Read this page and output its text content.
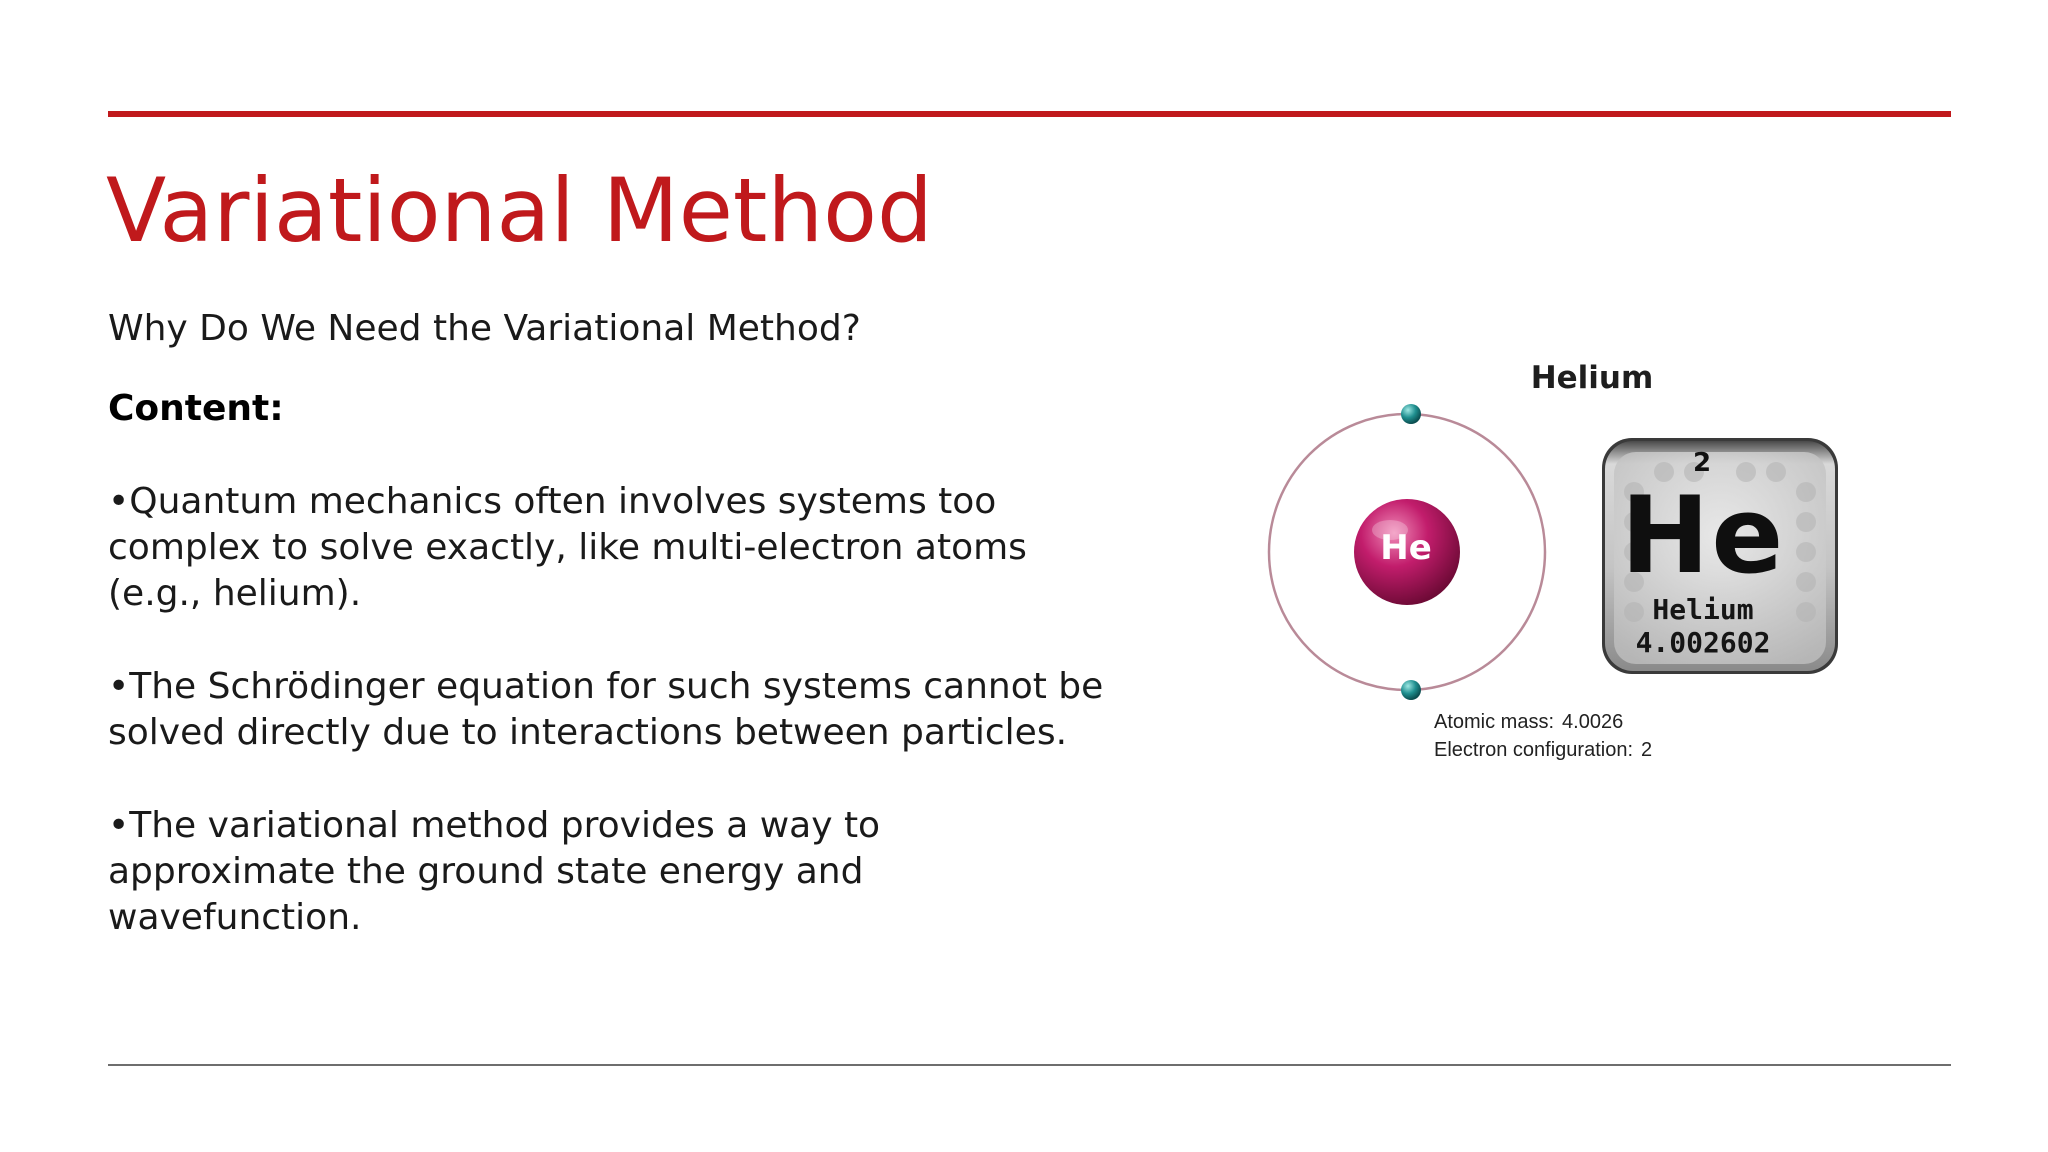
Variational Method
Why Do We Need the Variational Method?
Content:
•Quantum mechanics often involves systems too complex to solve exactly, like multi-electron atoms (e.g., helium).
•The Schrödinger equation for such systems cannot be solved directly due to interactions between particles.
•The variational method provides a way to approximate the ground state energy and wavefunction.
Helium
He
2
He
Helium
4.002602
Atomic mass: 4.0026
Electron configuration: 2
